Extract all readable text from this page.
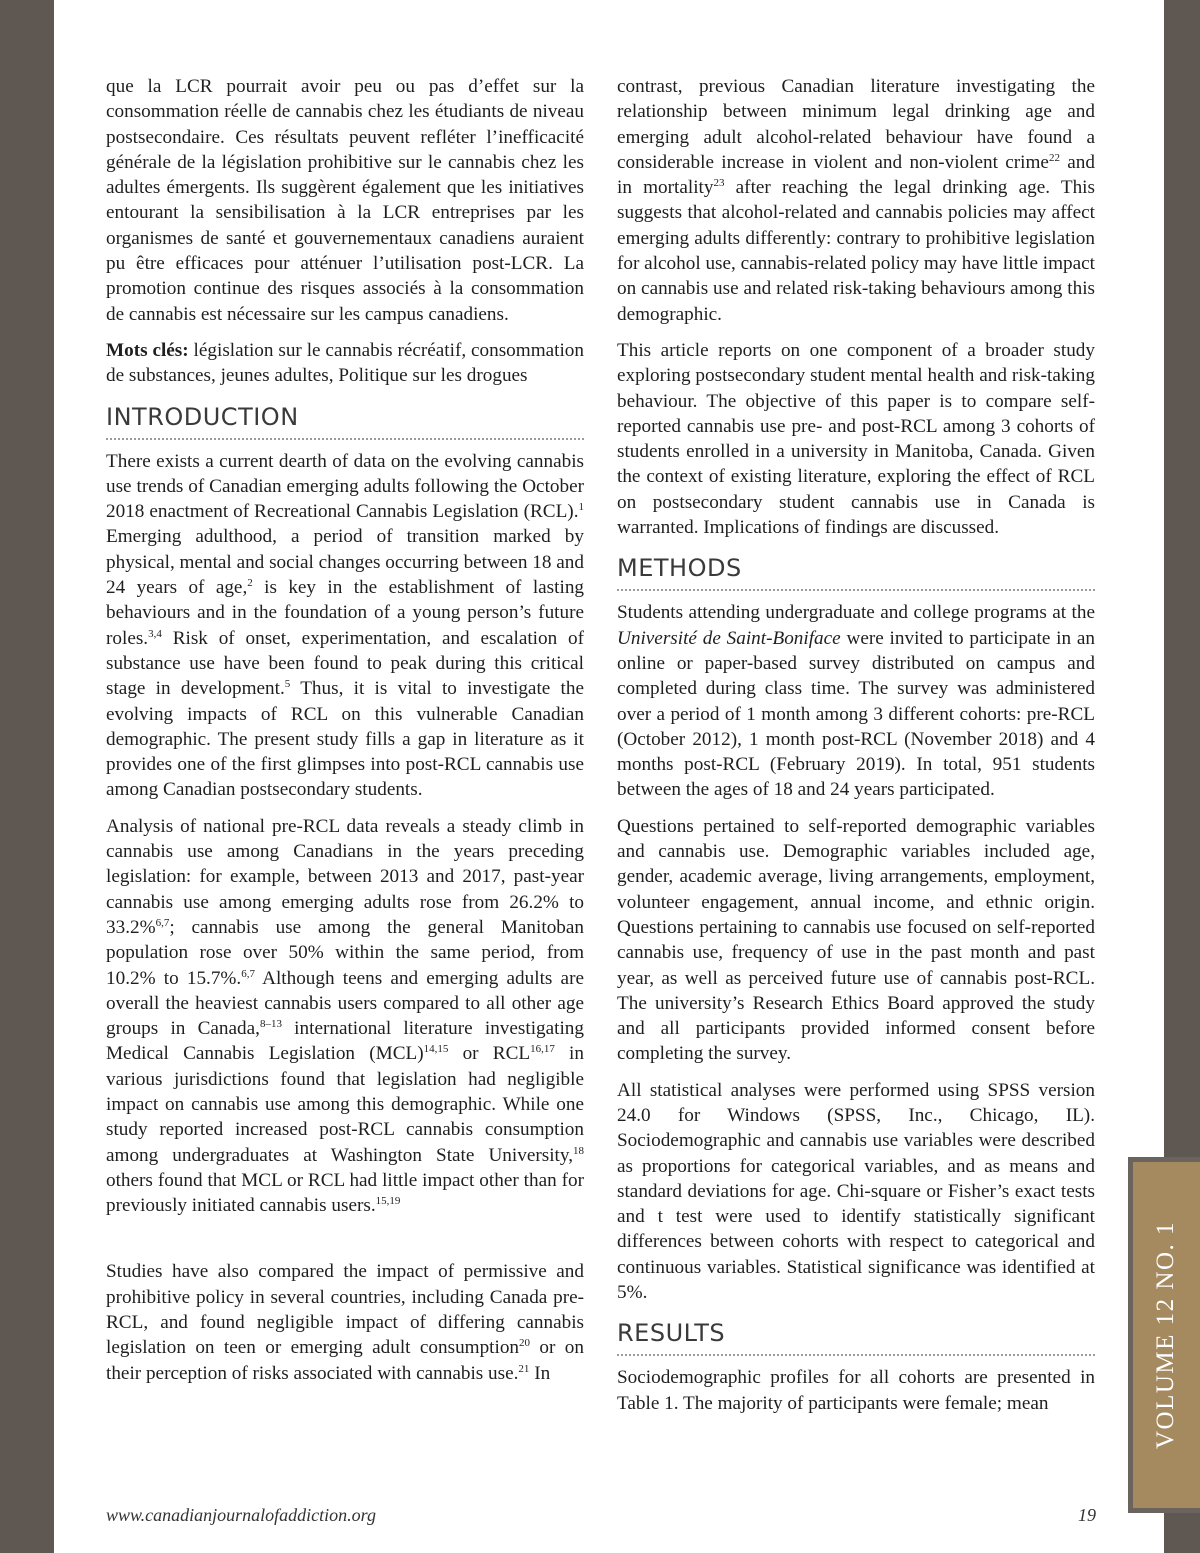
VOLUME 12 NO. 1

que la LCR pourrait avoir peu ou pas d’effet sur la consommation réelle de cannabis chez les étudiants de niveau postsecondaire. Ces résultats peuvent refléter l’inefficacité générale de la législation prohibitive sur le cannabis chez les adultes émergents. Ils suggèrent également que les initiatives entourant la sensibilisation à la LCR entreprises par les organismes de santé et gouvernementaux canadiens auraient pu être efficaces pour atténuer l’utilisation post-LCR. La promotion continue des risques associés à la consommation de cannabis est nécessaire sur les campus canadiens.

Mots clés: législation sur le cannabis récréatif, consommation de substances, jeunes adultes, Politique sur les drogues

INTRODUCTION

There exists a current dearth of data on the evolving cannabis use trends of Canadian emerging adults following the October 2018 enactment of Recreational Cannabis Legislation (RCL).$^1$ Emerging adulthood, a period of transition marked by physical, mental and social changes occurring between 18 and 24 years of age,$^2$ is key in the establishment of lasting behaviours and in the foundation of a young person’s future roles.$^{3,4}$ Risk of onset, experimentation, and escalation of substance use have been found to peak during this critical stage in development.$^5$ Thus, it is vital to investigate the evolving impacts of RCL on this vulnerable Canadian demographic. The present study fills a gap in literature as it provides one of the first glimpses into post-RCL cannabis use among Canadian postsecondary students.

Analysis of national pre-RCL data reveals a steady climb in cannabis use among Canadians in the years preceding legislation: for example, between 2013 and 2017, past-year cannabis use among emerging adults rose from 26.2% to 33.2%$^{6,7}$; cannabis use among the general Manitoban population rose over 50% within the same period, from 10.2% to 15.7%.$^{6,7}$ Although teens and emerging adults are overall the heaviest cannabis users compared to all other age groups in Canada,$^{8-13}$ international literature investigating Medical Cannabis Legislation (MCL)$^{14,15}$ or RCL$^{16,17}$ in various jurisdictions found that legislation had negligible impact on cannabis use among this demographic. While one study reported increased post-RCL cannabis consumption among undergraduates at Washington State University,$^{18}$ others found that MCL or RCL had little impact other than for previously initiated cannabis users.$^{15,19}$

Studies have also compared the impact of permissive and prohibitive policy in several countries, including Canada pre-RCL, and found negligible impact of differing cannabis legislation on teen or emerging adult consumption$^{20}$ or on their perception of risks associated with cannabis use.$^{21}$ In

contrast, previous Canadian literature investigating the relationship between minimum legal drinking age and emerging adult alcohol-related behaviour have found a considerable increase in violent and non-violent crime$^{22}$ and in mortality$^{23}$ after reaching the legal drinking age. This suggests that alcohol-related and cannabis policies may affect emerging adults differently: contrary to prohibitive legislation for alcohol use, cannabis-related policy may have little impact on cannabis use and related risk-taking behaviours among this demographic.

This article reports on one component of a broader study exploring postsecondary student mental health and risk-taking behaviour. The objective of this paper is to compare self-reported cannabis use pre- and post-RCL among 3 cohorts of students enrolled in a university in Manitoba, Canada. Given the context of existing literature, exploring the effect of RCL on postsecondary student cannabis use in Canada is warranted. Implications of findings are discussed.

METHODS

Students attending undergraduate and college programs at the Université de Saint-Boniface were invited to participate in an online or paper-based survey distributed on campus and completed during class time. The survey was administered over a period of 1 month among 3 different cohorts: pre-RCL (October 2012), 1 month post-RCL (November 2018) and 4 months post-RCL (February 2019). In total, 951 students between the ages of 18 and 24 years participated.

Questions pertained to self-reported demographic variables and cannabis use. Demographic variables included age, gender, academic average, living arrangements, employment, volunteer engagement, annual income, and ethnic origin. Questions pertaining to cannabis use focused on self-reported cannabis use, frequency of use in the past month and past year, as well as perceived future use of cannabis post-RCL. The university’s Research Ethics Board approved the study and all participants provided informed consent before completing the survey.

All statistical analyses were performed using SPSS version 24.0 for Windows (SPSS, Inc., Chicago, IL). Sociodemographic and cannabis use variables were described as proportions for categorical variables, and as means and standard deviations for age. Chi-square or Fisher’s exact tests and t test were used to identify statistically significant differences between cohorts with respect to categorical and continuous variables. Statistical significance was identified at 5%.

RESULTS

Sociodemographic profiles for all cohorts are presented in Table 1. The majority of participants were female; mean

www.canadianjournalofaddiction.org	19
